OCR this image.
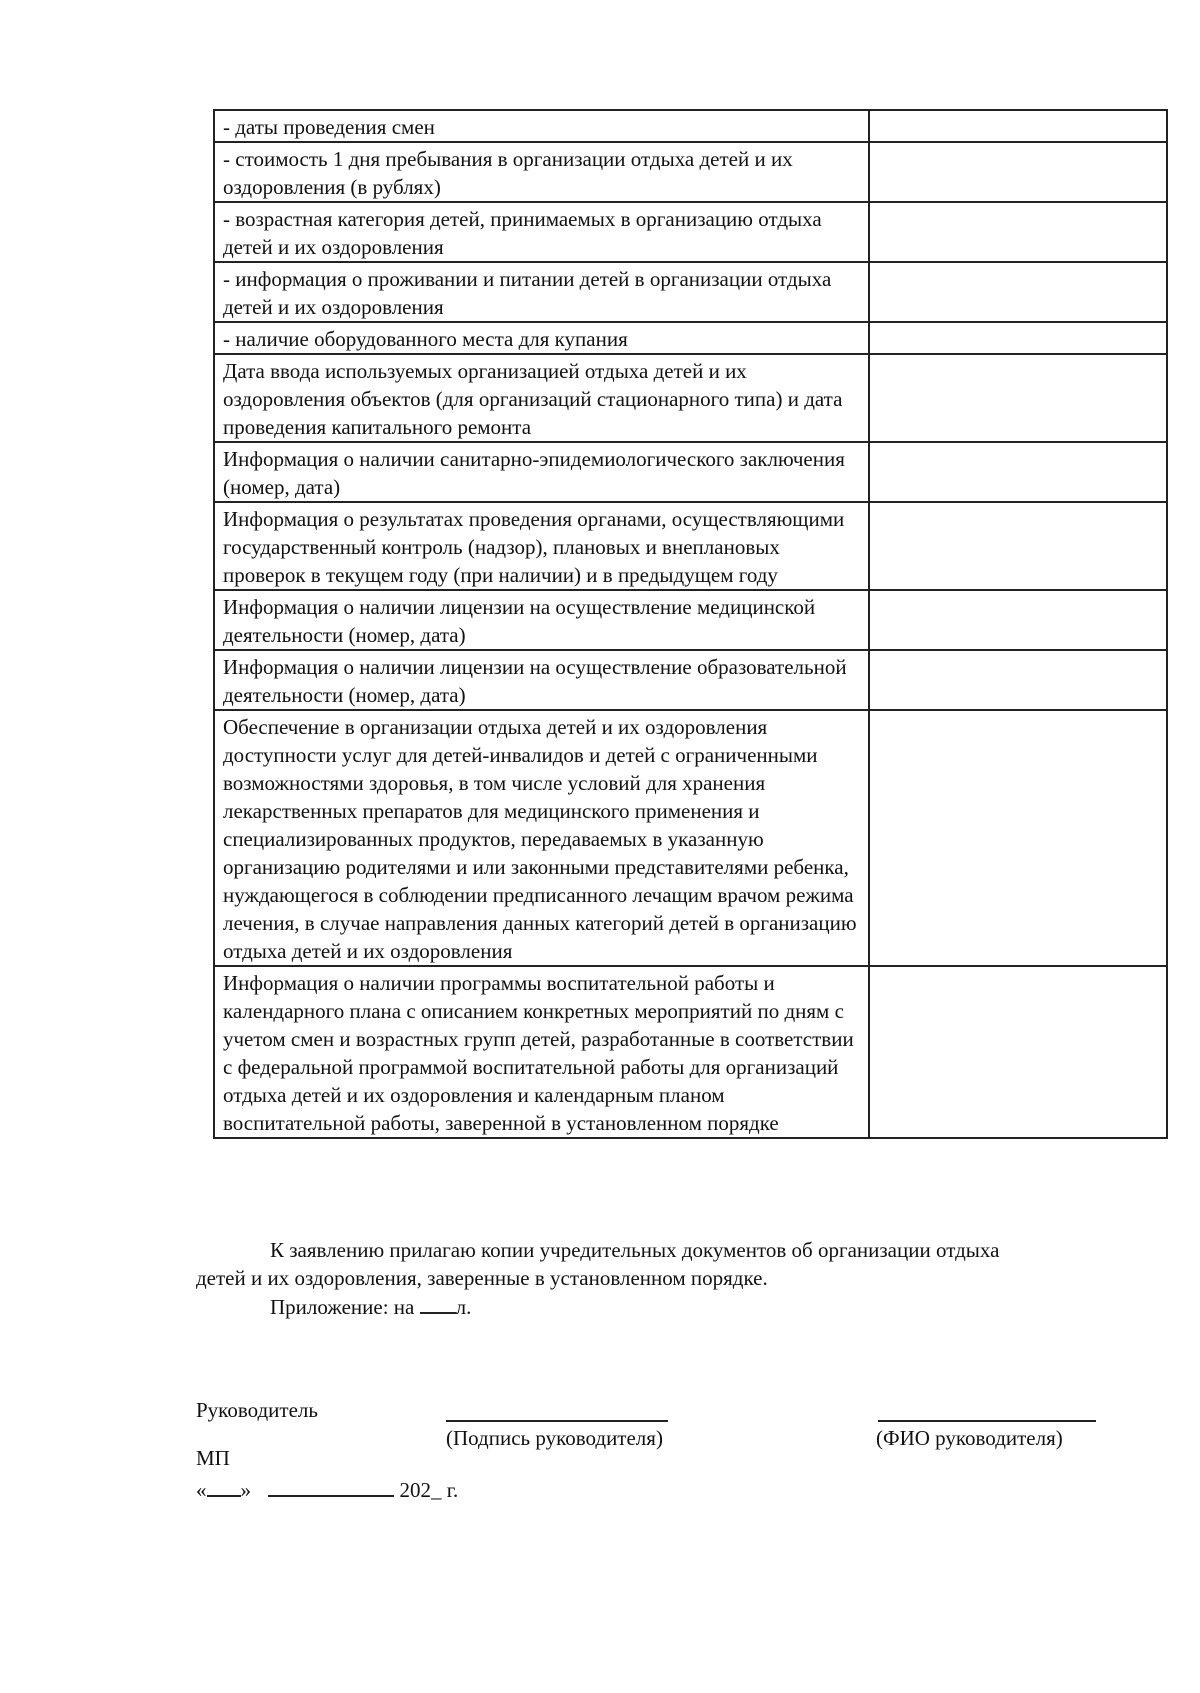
- даты проведения смен	
- стоимость 1 дня пребывания в организации отдыха детей и их оздоровления (в рублях)	
- возрастная категория детей, принимаемых в организацию отдыха детей и их оздоровления	
- информация о проживании и питании детей в организации отдыха детей и их оздоровления	
- наличие оборудованного места для купания	
Дата ввода используемых организацией отдыха детей и их оздоровления объектов (для организаций стационарного типа) и дата проведения капитального ремонта	
Информация о наличии санитарно-эпидемиологического заключения (номер, дата)	
Информация о результатах проведения органами, осуществляющими государственный контроль (надзор), плановых и внеплановых проверок в текущем году (при наличии) и в предыдущем году	
Информация о наличии лицензии на осуществление медицинской деятельности (номер, дата)	
Информация о наличии лицензии на осуществление образовательной деятельности (номер, дата)	
Обеспечение в организации отдыха детей и их оздоровления доступности услуг для детей-инвалидов и детей с ограниченными возможностями здоровья, в том числе условий для хранения лекарственных препаратов для медицинского применения и специализированных продуктов, передаваемых в указанную организацию родителями и или законными представителями ребенка, нуждающегося в соблюдении предписанного лечащим врачом режима лечения, в случае направления данных категорий детей в организацию отдыха детей и их оздоровления	
Информация о наличии программы воспитательной работы и календарного плана с описанием конкретных мероприятий по дням с учетом смен и возрастных групп детей, разработанные в соответствии с федеральной программой воспитательной работы для организаций отдыха детей и их оздоровления и календарным планом воспитательной работы, заверенной в установленном порядке	
К заявлению прилагаю копии учредительных документов об организации отдыха
детей и их оздоровления, заверенные в установленном порядке.
Приложение: на л.
Руководитель
(Подпись руководителя)	(ФИО руководителя)
МП
« »	202_ г.
